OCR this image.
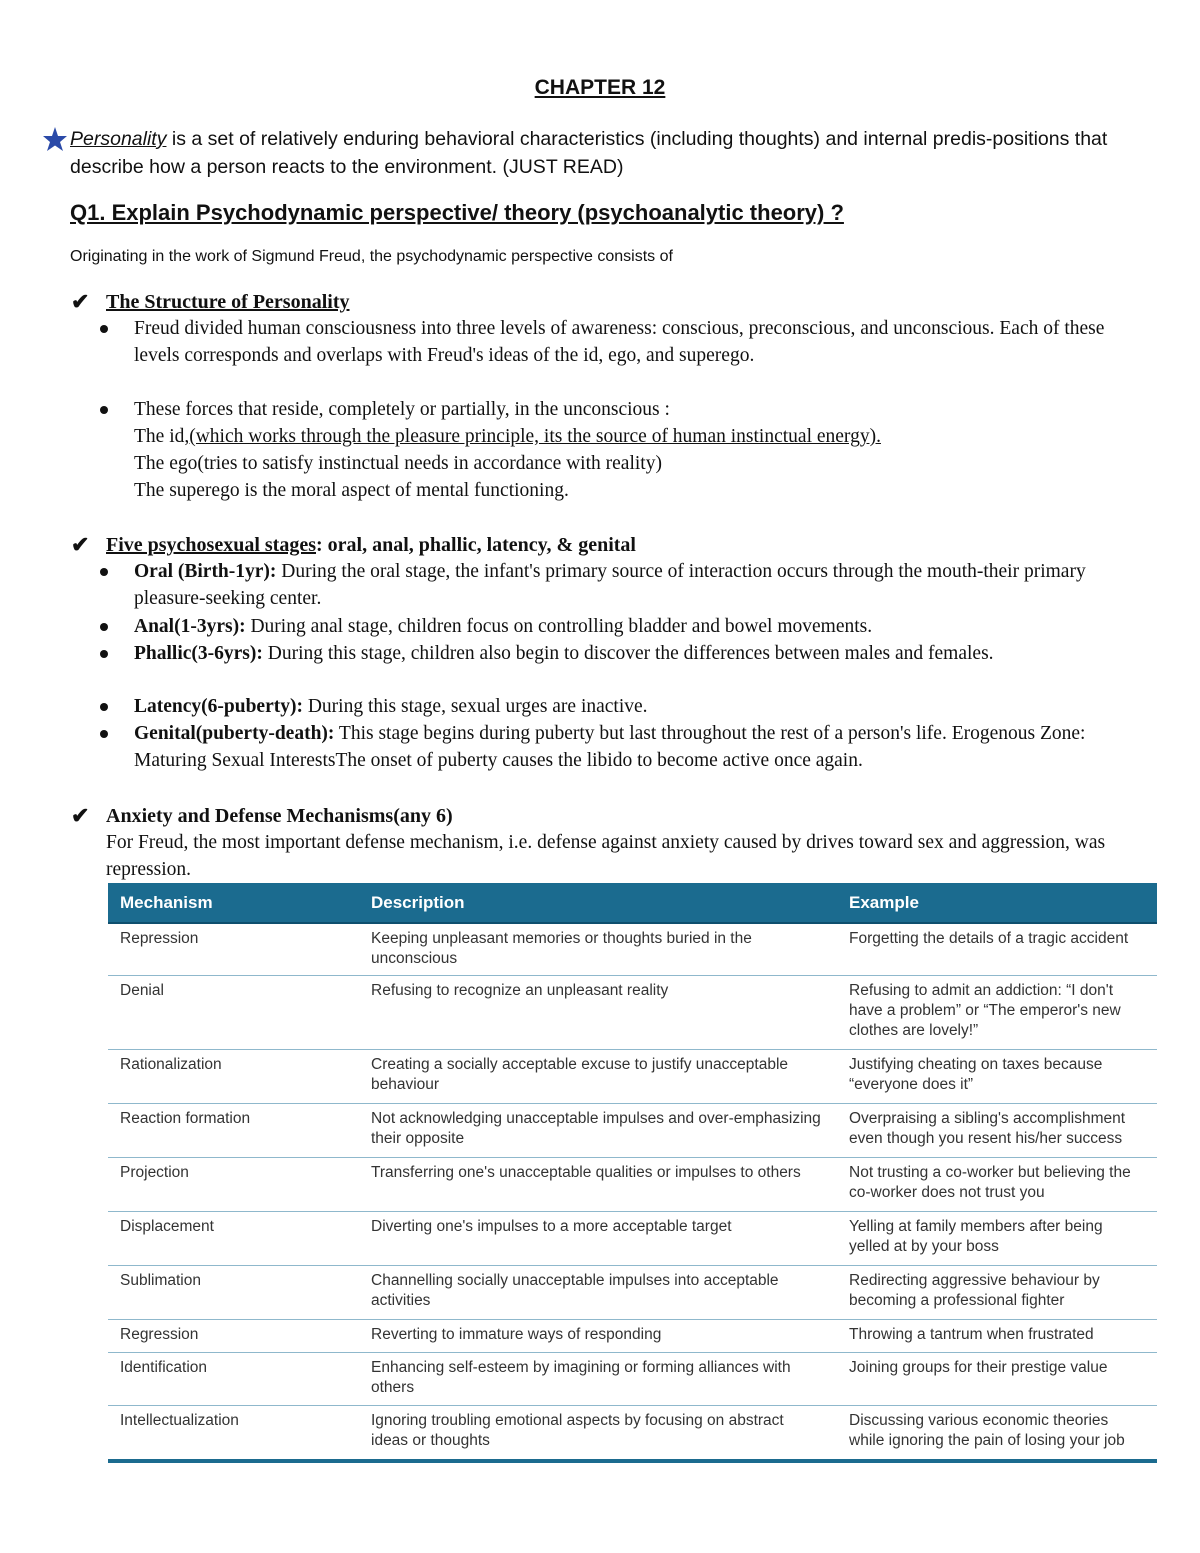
CHAPTER 12
Personality is a set of relatively enduring behavioral characteristics (including thoughts) and internal predis-positions that describe how a person reacts to the environment. (JUST READ)
Q1. Explain Psychodynamic perspective/ theory (psychoanalytic theory) ?
Originating in the work of Sigmund Freud, the psychodynamic perspective consists of
✔ The Structure of Personality
Freud divided human consciousness into three levels of awareness: conscious, preconscious, and unconscious. Each of these levels corresponds and overlaps with Freud's ideas of the id, ego, and superego.
These forces that reside, completely or partially, in the unconscious :
The id,(which works through the pleasure principle, its the source of human instinctual energy).
The ego(tries to satisfy instinctual needs in accordance with reality)
The superego is the moral aspect of mental functioning.
✔ Five psychosexual stages: oral, anal, phallic, latency, & genital
Oral (Birth-1yr): During the oral stage, the infant's primary source of interaction occurs through the mouth-their primary pleasure-seeking center.
Anal(1-3yrs): During anal stage, children focus on controlling bladder and bowel movements.
Phallic(3-6yrs): During this stage, children also begin to discover the differences between males and females.
Latency(6-puberty): During this stage, sexual urges are inactive.
Genital(puberty-death): This stage begins during puberty but last throughout the rest of a person's life. Erogenous Zone: Maturing Sexual InterestsThe onset of puberty causes the libido to become active once again.
✔ Anxiety and Defense Mechanisms(any 6)
For Freud, the most important defense mechanism, i.e. defense against anxiety caused by drives toward sex and aggression, was repression.
Mechanism	Description	Example
Repression	Keeping unpleasant memories or thoughts buried in the unconscious	Forgetting the details of a tragic accident
Denial	Refusing to recognize an unpleasant reality	Refusing to admit an addiction: “I don't have a problem” or “The emperor's new clothes are lovely!”
Rationalization	Creating a socially acceptable excuse to justify unacceptable behaviour	Justifying cheating on taxes because “everyone does it”
Reaction formation	Not acknowledging unacceptable impulses and over-emphasizing their opposite	Overpraising a sibling's accomplishment even though you resent his/her success
Projection	Transferring one's unacceptable qualities or impulses to others	Not trusting a co-worker but believing the co-worker does not trust you
Displacement	Diverting one's impulses to a more acceptable target	Yelling at family members after being yelled at by your boss
Sublimation	Channelling socially unacceptable impulses into acceptable activities	Redirecting aggressive behaviour by becoming a professional fighter
Regression	Reverting to immature ways of responding	Throwing a tantrum when frustrated
Identification	Enhancing self-esteem by imagining or forming alliances with others	Joining groups for their prestige value
Intellectualization	Ignoring troubling emotional aspects by focusing on abstract ideas or thoughts	Discussing various economic theories while ignoring the pain of losing your job
